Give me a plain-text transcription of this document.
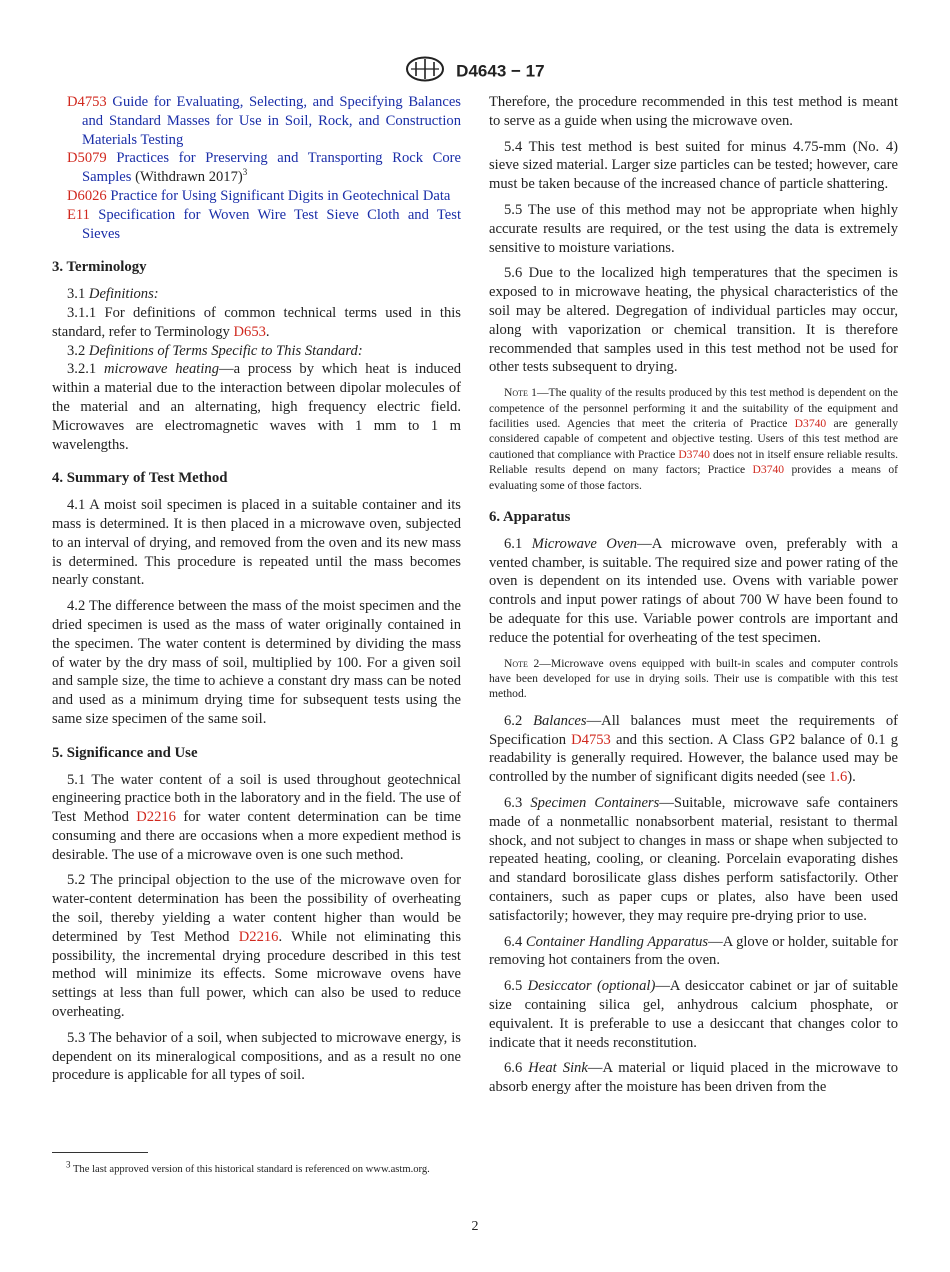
D4643 − 17

D4753 Guide for Evaluating, Selecting, and Specifying Balances and Standard Masses for Use in Soil, Rock, and Construction Materials Testing

D5079 Practices for Preserving and Transporting Rock Core Samples (Withdrawn 2017)$^3$

D6026 Practice for Using Significant Digits in Geotechnical Data

E11 Specification for Woven Wire Test Sieve Cloth and Test Sieves

3. Terminology

3.1 Definitions:

3.1.1 For definitions of common technical terms used in this standard, refer to Terminology D653.

3.2 Definitions of Terms Specific to This Standard:

3.2.1 microwave heating—a process by which heat is induced within a material due to the interaction between dipolar molecules of the material and an alternating, high frequency electric field. Microwaves are electromagnetic waves with 1 mm to 1 m wavelengths.

4. Summary of Test Method

4.1 A moist soil specimen is placed in a suitable container and its mass is determined. It is then placed in a microwave oven, subjected to an interval of drying, and removed from the oven and its new mass is determined. This procedure is repeated until the mass becomes nearly constant.

4.2 The difference between the mass of the moist specimen and the dried specimen is used as the mass of water originally contained in the specimen. The water content is determined by dividing the mass of water by the dry mass of soil, multiplied by 100. For a given soil and sample size, the time to achieve a constant dry mass can be noted and used as a minimum drying time for subsequent tests using the same size specimen of the same soil.

5. Significance and Use

5.1 The water content of a soil is used throughout geotechnical engineering practice both in the laboratory and in the field. The use of Test Method D2216 for water content determination can be time consuming and there are occasions when a more expedient method is desirable. The use of a microwave oven is one such method.

5.2 The principal objection to the use of the microwave oven for water-content determination has been the possibility of overheating the soil, thereby yielding a water content higher than would be determined by Test Method D2216. While not eliminating this possibility, the incremental drying procedure described in this test method will minimize its effects. Some microwave ovens have settings at less than full power, which can also be used to reduce overheating.

5.3 The behavior of a soil, when subjected to microwave energy, is dependent on its mineralogical compositions, and as a result no one procedure is applicable for all types of soil.

$^3$ The last approved version of this historical standard is referenced on www.astm.org.

Therefore, the procedure recommended in this test method is meant to serve as a guide when using the microwave oven.

5.4 This test method is best suited for minus 4.75-mm (No. 4) sieve sized material. Larger size particles can be tested; however, care must be taken because of the increased chance of particle shattering.

5.5 The use of this method may not be appropriate when highly accurate results are required, or the test using the data is extremely sensitive to moisture variations.

5.6 Due to the localized high temperatures that the specimen is exposed to in microwave heating, the physical characteristics of the soil may be altered. Degregation of individual particles may occur, along with vaporization or chemical transition. It is therefore recommended that samples used in this test method not be used for other tests subsequent to drying.

Note 1—The quality of the results produced by this test method is dependent on the competence of the personnel performing it and the suitability of the equipment and facilities used. Agencies that meet the criteria of Practice D3740 are generally considered capable of competent and objective testing. Users of this test method are cautioned that compliance with Practice D3740 does not in itself ensure reliable results. Reliable results depend on many factors; Practice D3740 provides a means of evaluating some of those factors.

6. Apparatus

6.1 Microwave Oven—A microwave oven, preferably with a vented chamber, is suitable. The required size and power rating of the oven is dependent on its intended use. Ovens with variable power controls and input power ratings of about 700 W have been found to be adequate for this use. Variable power controls are important and reduce the potential for overheating of the test specimen.

Note 2—Microwave ovens equipped with built-in scales and computer controls have been developed for use in drying soils. Their use is compatible with this test method.

6.2 Balances—All balances must meet the requirements of Specification D4753 and this section. A Class GP2 balance of 0.1 g readability is generally required. However, the balance used may be controlled by the number of significant digits needed (see 1.6).

6.3 Specimen Containers—Suitable, microwave safe containers made of a nonmetallic nonabsorbent material, resistant to thermal shock, and not subject to changes in mass or shape when subjected to repeated heating, cooling, or cleaning. Porcelain evaporating dishes and standard borosilicate glass dishes perform satisfactorily. Other containers, such as paper cups or plates, also have been used satisfactorily; however, they may require pre-drying prior to use.

6.4 Container Handling Apparatus—A glove or holder, suitable for removing hot containers from the oven.

6.5 Desiccator (optional)—A desiccator cabinet or jar of suitable size containing silica gel, anhydrous calcium phosphate, or equivalent. It is preferable to use a desiccant that changes color to indicate that it needs reconstitution.

6.6 Heat Sink—A material or liquid placed in the microwave to absorb energy after the moisture has been driven from the

2
